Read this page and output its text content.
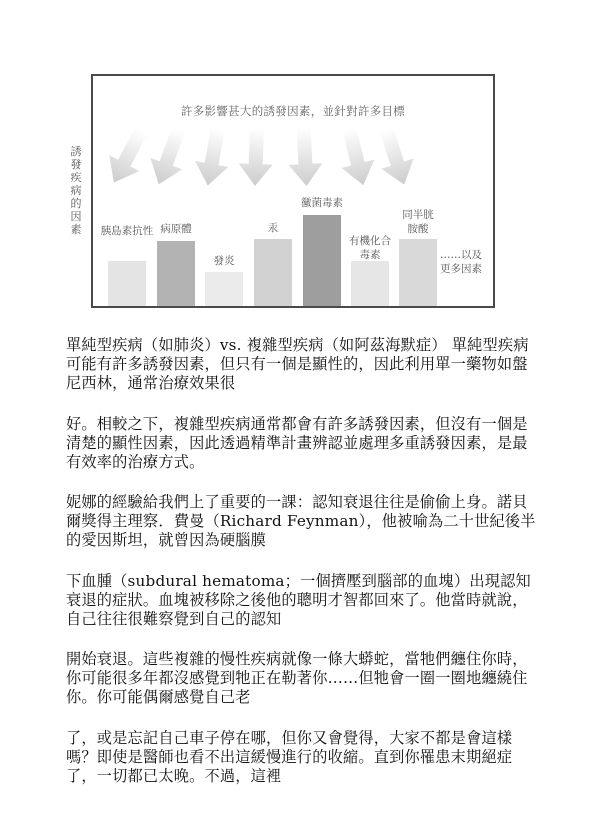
誘發疾病的因素
許多影響甚大的誘發因素，並針對許多目標
胰島素抗性 病原體
發炎
汞
黴菌毒素
有機化合毒素
同半胱胺酸
……以及更多因素

單純型疾病（如肺炎）vs. 複雜型疾病（如阿茲海默症） 單純型疾病可能有許多誘發因素，但只有一個是顯性的，因此利用單一藥物如盤尼西林，通常治療效果很

好。相較之下，複雜型疾病通常都會有許多誘發因素，但沒有一個是清楚的顯性因素，因此透過精準計畫辨認並處理多重誘發因素，是最有效率的治療方式。

妮娜的經驗給我們上了重要的一課：認知衰退往往是偷偷上身。諾貝爾獎得主理察．費曼（Richard Feynman），他被喻為二十世紀後半的愛因斯坦，就曾因為硬腦膜

下血腫（subdural hematoma；一個擠壓到腦部的血塊）出現認知衰退的症狀。血塊被移除之後他的聰明才智都回來了。他當時就說，自己往往很難察覺到自己的認知

開始衰退。這些複雜的慢性疾病就像一條大蟒蛇，當牠們纏住你時，你可能很多年都沒感覺到牠正在勒著你……但牠會一圈一圈地纏繞住你。你可能偶爾感覺自己老

了，或是忘記自己車子停在哪，但你又會覺得，大家不都是會這樣嗎？即使是醫師也看不出這緩慢進行的收縮。直到你罹患末期絕症了，一切都已太晚。不過，這裡
